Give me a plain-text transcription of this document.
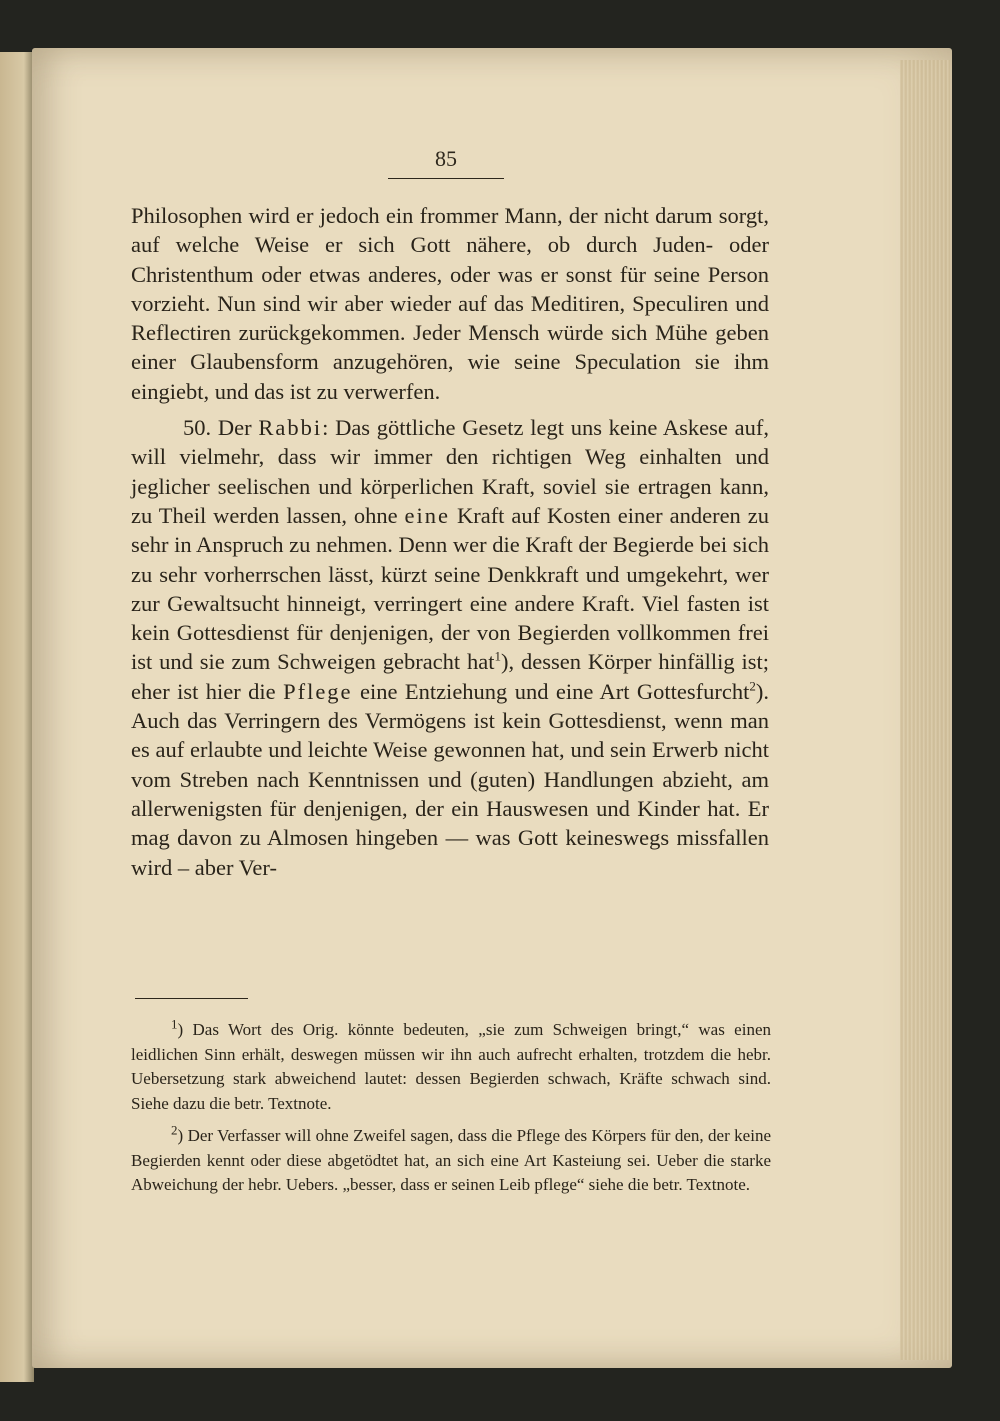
85

Philosophen wird er jedoch ein frommer Mann, der nicht darum sorgt, auf welche Weise er sich Gott nähere, ob durch Juden- oder Christenthum oder etwas anderes, oder was er sonst für seine Person vorzieht. Nun sind wir aber wieder auf das Meditiren, Speculiren und Reflectiren zurückgekommen. Jeder Mensch würde sich Mühe geben einer Glaubensform anzugehören, wie seine Speculation sie ihm eingiebt, und das ist zu verwerfen.

50. Der Rabbi: Das göttliche Gesetz legt uns keine Askese auf, will vielmehr, dass wir immer den richtigen Weg einhalten und jeglicher seelischen und körperlichen Kraft, soviel sie ertragen kann, zu Theil werden lassen, ohne eine Kraft auf Kosten einer anderen zu sehr in Anspruch zu nehmen. Denn wer die Kraft der Begierde bei sich zu sehr vorherrschen lässt, kürzt seine Denkkraft und umgekehrt, wer zur Gewaltsucht hinneigt, verringert eine andere Kraft. Viel fasten ist kein Gottesdienst für denjenigen, der von Begierden vollkommen frei ist und sie zum Schweigen gebracht hat$^1$), dessen Körper hinfällig ist; eher ist hier die Pflege eine Entziehung und eine Art Gottesfurcht$^2$). Auch das Verringern des Vermögens ist kein Gottesdienst, wenn man es auf erlaubte und leichte Weise gewonnen hat, und sein Erwerb nicht vom Streben nach Kenntnissen und (guten) Handlungen abzieht, am allerwenigsten für denjenigen, der ein Hauswesen und Kinder hat. Er mag davon zu Almosen hingeben — was Gott keineswegs missfallen wird – aber Ver-

$^1$) Das Wort des Orig. könnte bedeuten, „sie zum Schweigen bringt,“ was einen leidlichen Sinn erhält, deswegen müssen wir ihn auch aufrecht erhalten, trotzdem die hebr. Uebersetzung stark abweichend lautet: dessen Begierden schwach, Kräfte schwach sind. Siehe dazu die betr. Textnote.

$^2$) Der Verfasser will ohne Zweifel sagen, dass die Pflege des Körpers für den, der keine Begierden kennt oder diese abgetödtet hat, an sich eine Art Kasteiung sei. Ueber die starke Abweichung der hebr. Uebers. „besser, dass er seinen Leib pflege“ siehe die betr. Textnote.
